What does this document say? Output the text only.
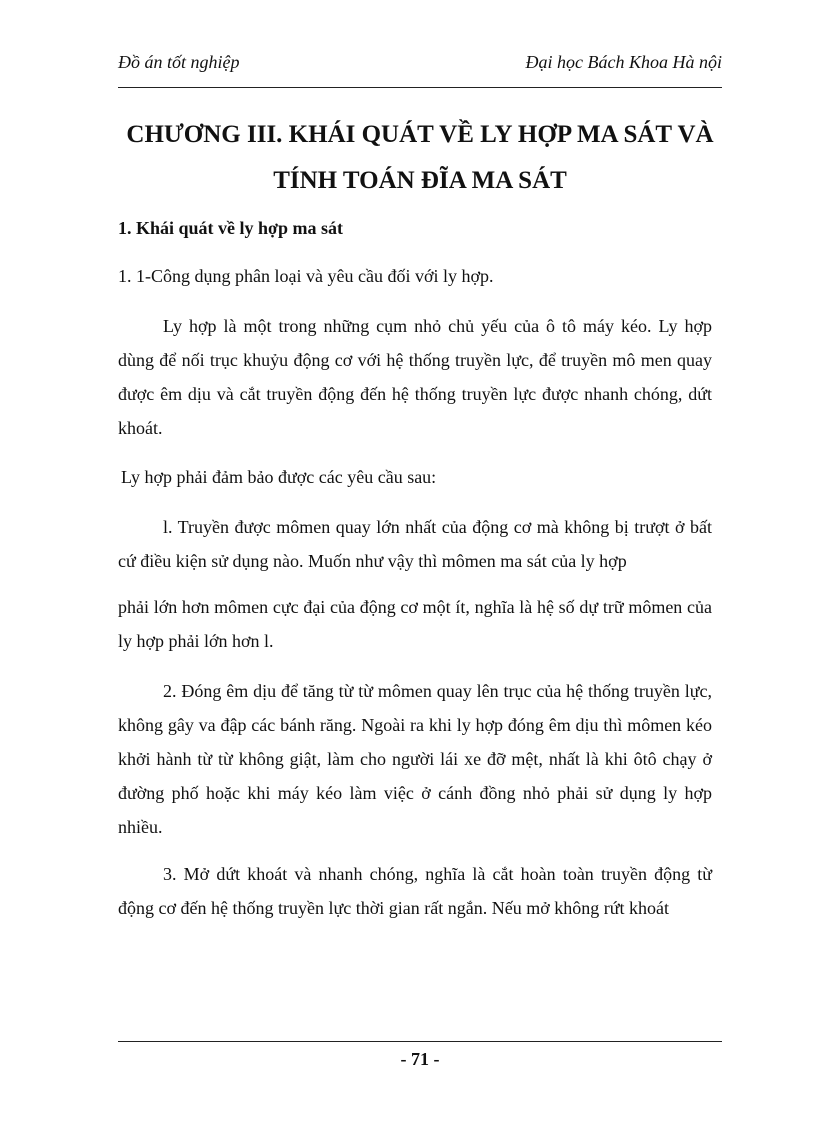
Đồ án tốt nghiệp	Đại học Bách Khoa Hà nội
CHƯƠNG III. KHÁI QUÁT VỀ LY HỢP MA SÁT VÀ
TÍNH TOÁN ĐĨA MA SÁT
1. Khái quát về ly hợp ma sát
1. 1-Công dụng phân loại và yêu cầu đối với ly hợp.

Ly hợp là một trong những cụm nhỏ chủ yếu của ô tô máy kéo. Ly hợp dùng để nối trục khuỷu động cơ với hệ thống truyền lực, để truyền mô men quay được êm dịu và cắt truyền động đến hệ thống truyền lực được nhanh chóng, dứt khoát.

Ly hợp phải đảm bảo được các yêu cầu sau:

l. Truyền được mômen quay lớn nhất của động cơ mà không bị trượt ở bất cứ điều kiện sử dụng nào. Muốn như vậy thì mômen ma sát của ly hợp

phải lớn hơn mômen cực đại của động cơ một ít, nghĩa là hệ số dự trữ mômen của ly hợp phải lớn hơn l.

2. Đóng êm dịu để tăng từ từ mômen quay lên trục của hệ thống truyền lực, không gây va đập các bánh răng. Ngoài ra khi ly hợp đóng êm dịu thì mômen kéo khởi hành từ từ không giật, làm cho người lái xe đỡ mệt, nhất là khi ôtô chạy ở đường phố hoặc khi máy kéo làm việc ở cánh đồng nhỏ phải sử dụng ly hợp nhiều.

3. Mở dứt khoát và nhanh chóng, nghĩa là cắt hoàn toàn truyền động từ động cơ đến hệ thống truyền lực thời gian rất ngắn. Nếu mở không rứt khoát

- 71 -
